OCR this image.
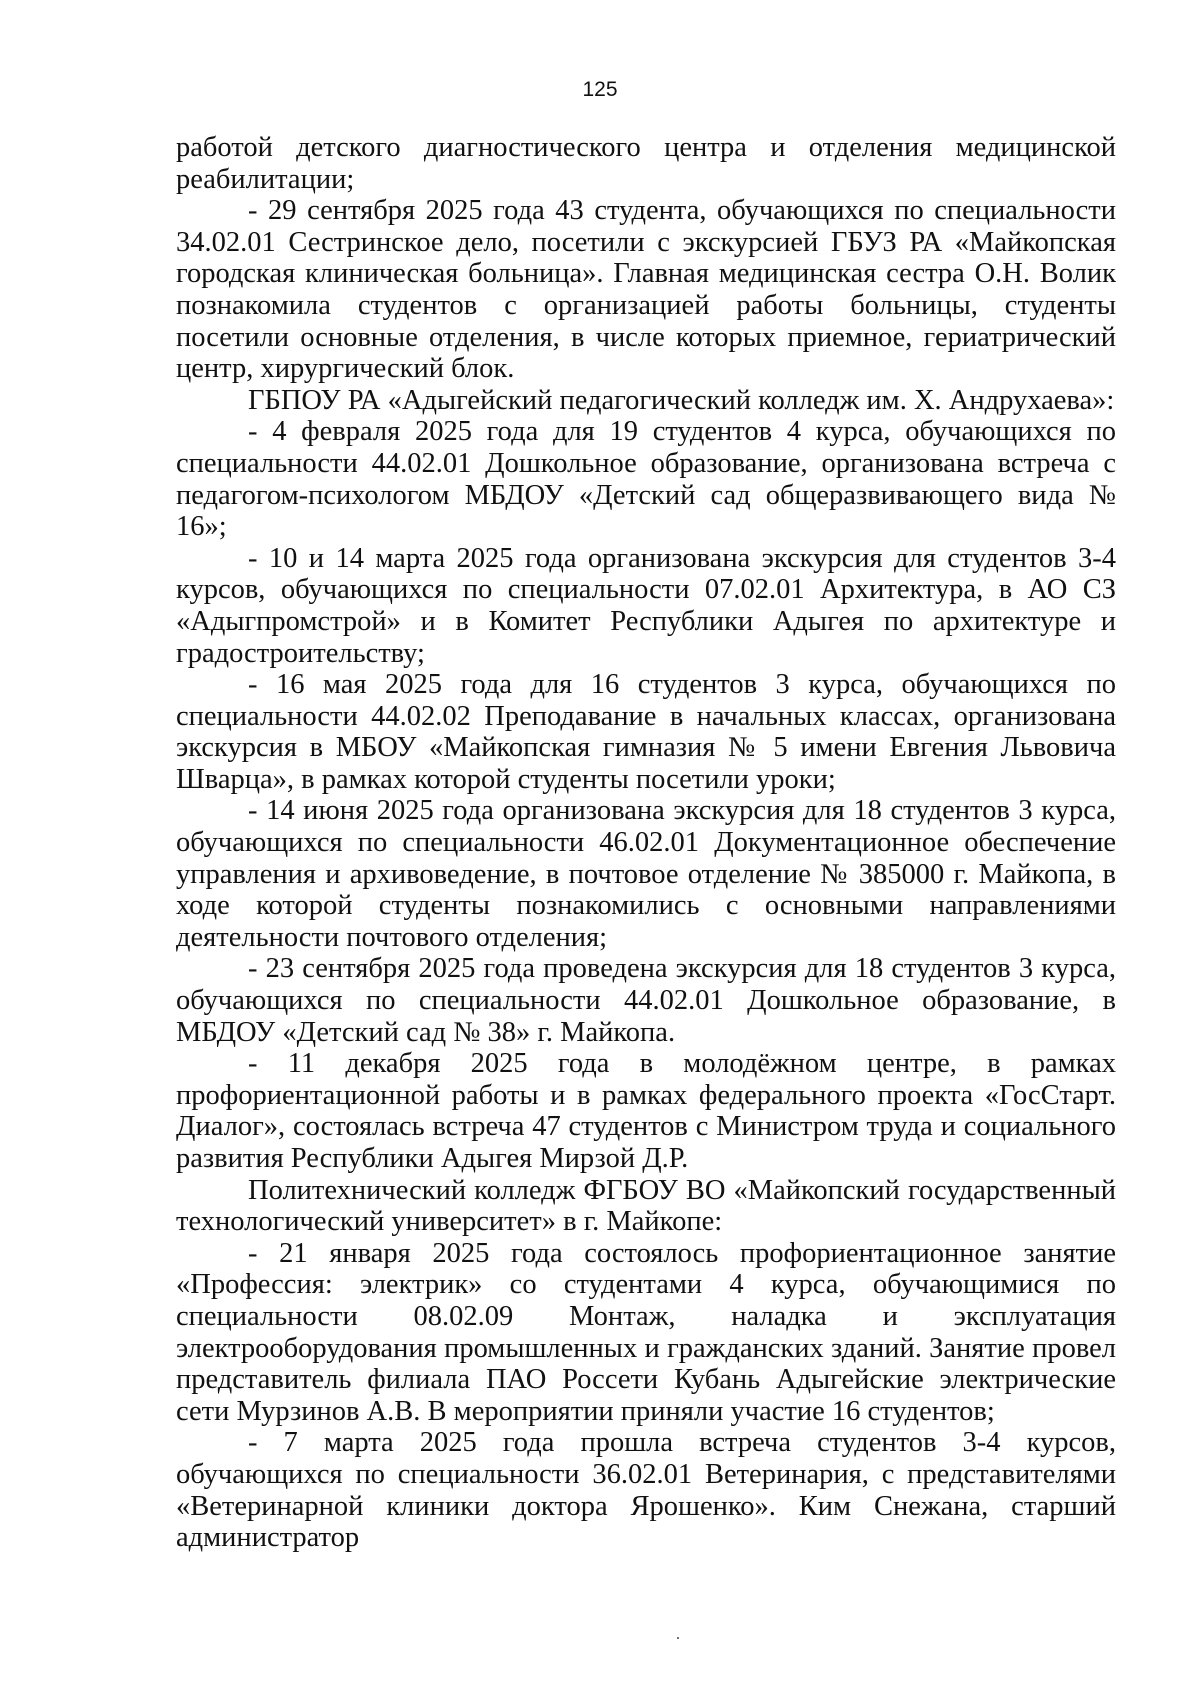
125

работой детского диагностического центра и отделения медицинской реабилитации;

- 29 сентября 2025 года 43 студента, обучающихся по специальности 34.02.01 Сестринское дело, посетили с экскурсией ГБУЗ РА «Майкопская городская клиническая больница». Главная медицинская сестра О.Н. Волик познакомила студентов с организацией работы больницы, студенты посетили основные отделения, в числе которых приемное, гериатрический центр, хирургический блок.

ГБПОУ РА «Адыгейский педагогический колледж им. Х. Андрухаева»:

- 4 февраля 2025 года для 19 студентов 4 курса, обучающихся по специальности 44.02.01 Дошкольное образование, организована встреча с педагогом-психологом МБДОУ «Детский сад общеразвивающего вида № 16»;

- 10 и 14 марта 2025 года организована экскурсия для студентов 3-4 курсов, обучающихся по специальности 07.02.01 Архитектура, в АО СЗ «Адыгпромстрой» и в Комитет Республики Адыгея по архитектуре и градостроительству;

- 16 мая 2025 года для 16 студентов 3 курса, обучающихся по специальности 44.02.02 Преподавание в начальных классах, организована экскурсия в МБОУ «Майкопская гимназия № 5 имени Евгения Львовича Шварца», в рамках которой студенты посетили уроки;

- 14 июня 2025 года организована экскурсия для 18 студентов 3 курса, обучающихся по специальности 46.02.01 Документационное обеспечение управления и архивоведение, в почтовое отделение № 385000 г. Майкопа, в ходе которой студенты познакомились с основными направлениями деятельности почтового отделения;

- 23 сентября 2025 года проведена экскурсия для 18 студентов 3 курса, обучающихся по специальности 44.02.01 Дошкольное образование, в МБДОУ «Детский сад № 38» г. Майкопа.

- 11 декабря 2025 года в молодёжном центре, в рамках профориентационной работы и в рамках федерального проекта «ГосСтарт. Диалог», состоялась встреча 47 студентов с Министром труда и социального развития Республики Адыгея Мирзой Д.Р.

Политехнический колледж ФГБОУ ВО «Майкопский государственный технологический университет» в г. Майкопе:

- 21 января 2025 года состоялось профориентационное занятие «Профессия: электрик» со студентами 4 курса, обучающимися по специальности 08.02.09 Монтаж, наладка и эксплуатация электрооборудования промышленных и гражданских зданий. Занятие провел представитель филиала ПАО Россети Кубань Адыгейские электрические сети Мурзинов А.В. В мероприятии приняли участие 16 студентов;

- 7 марта 2025 года прошла встреча студентов 3-4 курсов, обучающихся по специальности 36.02.01 Ветеринария, с представителями «Ветеринарной клиники доктора Ярошенко». Ким Снежана, старший администратор
